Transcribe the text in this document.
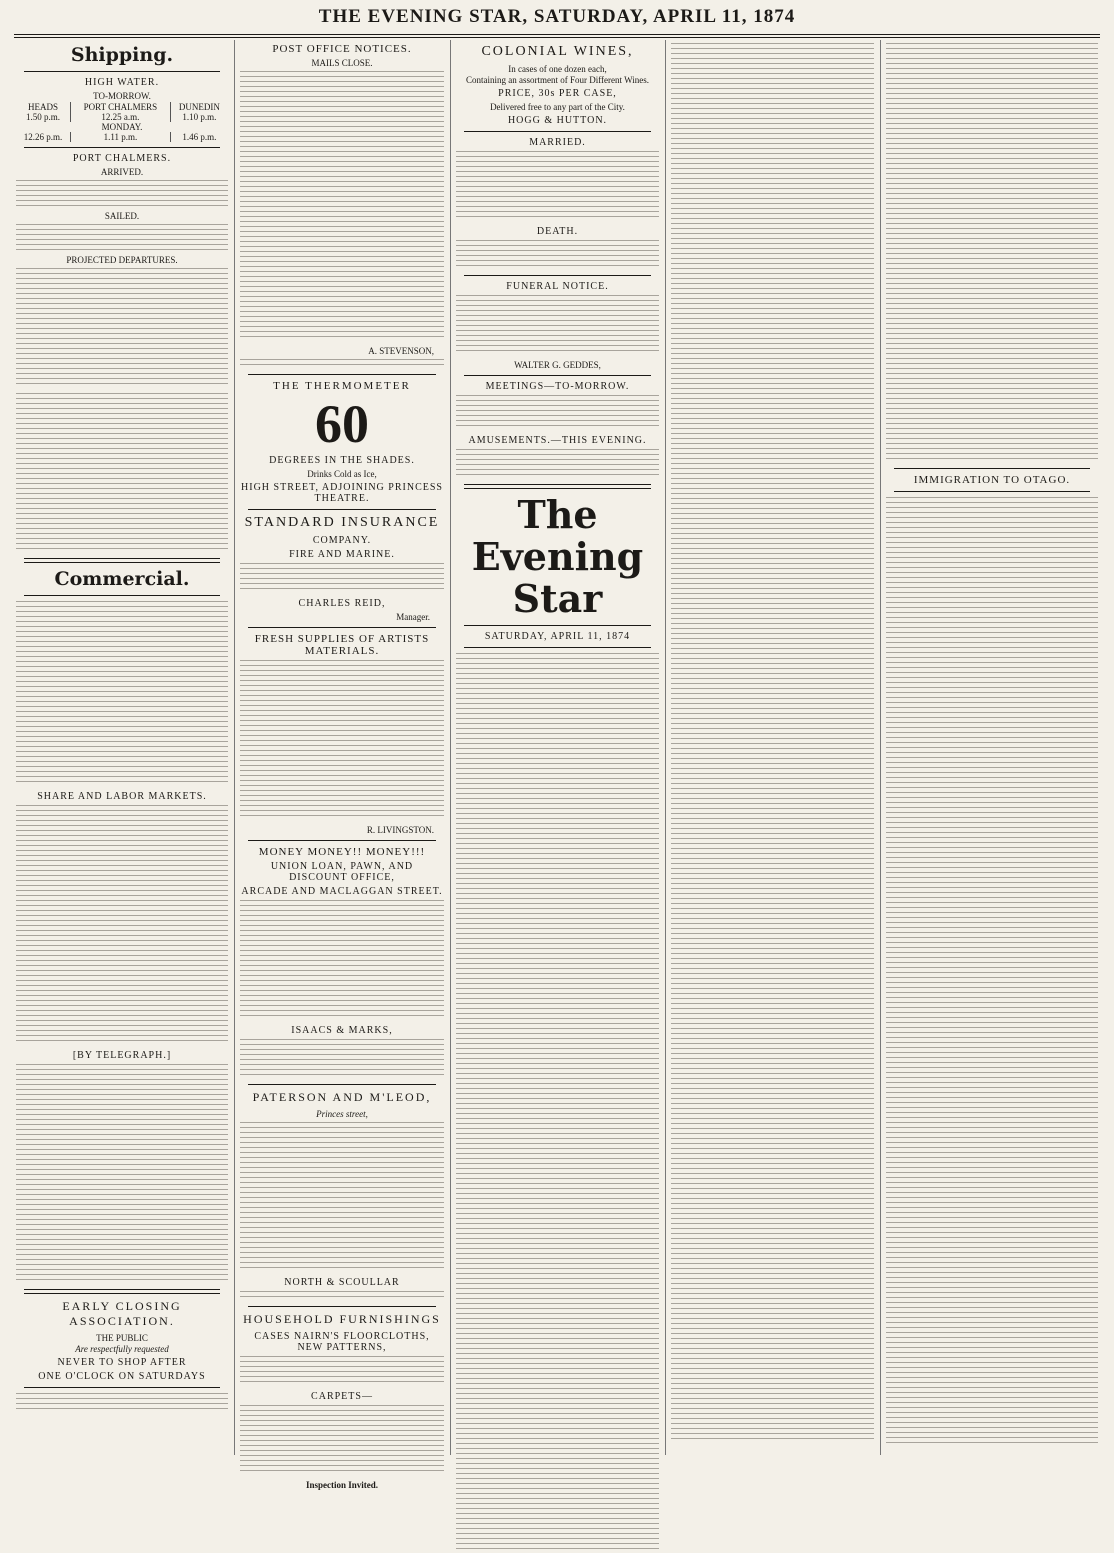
THE EVENING STAR, SATURDAY, APRIL 11, 1874
Shipping.
HIGH WATER.
TO-MORROW.
HEADS	PORT CHALMERS	DUNEDIN
1.50 p.m.	12.25 a.m.	1.10 p.m.
MONDAY.		
12.26 p.m.	1.11 p.m.	1.46 p.m.
PORT CHALMERS.
ARRIVED.
SAILED.
PROJECTED DEPARTURES.
Commercial.
SHARE AND LABOR MARKETS.
[BY TELEGRAPH.]
EARLY CLOSING ASSOCIATION.
THE PUBLIC
Are respectfully requested
NEVER TO SHOP AFTER
ONE O'CLOCK ON SATURDAYS
POST OFFICE NOTICES.
MAILS CLOSE.
A. STEVENSON,
THE THERMOMETER
60
DEGREES IN THE SHADES.
Drinks Cold as Ice,
HIGH STREET, ADJOINING PRINCESS THEATRE.
STANDARD INSURANCE
COMPANY.
FIRE AND MARINE.
CHARLES REID,
Manager.
FRESH SUPPLIES OF ARTISTS MATERIALS.
R. LIVINGSTON.
MONEY MONEY!! MONEY!!!
UNION LOAN, PAWN, AND DISCOUNT OFFICE,
ARCADE AND MACLAGGAN STREET.
ISAACS & MARKS,
PATERSON AND M'LEOD,
Princes street,
NORTH & SCOULLAR
HOUSEHOLD FURNISHINGS
CASES NAIRN'S FLOORCLOTHS, NEW PATTERNS,
CARPETS—
Inspection Invited.
COLONIAL WINES,
In cases of one dozen each,
Containing an assortment of Four Different Wines.
PRICE, 30s PER CASE,
Delivered free to any part of the City.
HOGG & HUTTON.
MARRIED.
DEATH.
FUNERAL NOTICE.
WALTER G. GEDDES,
MEETINGS—TO-MORROW.
AMUSEMENTS.—THIS EVENING.
The Evening Star
SATURDAY, APRIL 11, 1874
IMMIGRATION TO OTAGO.
